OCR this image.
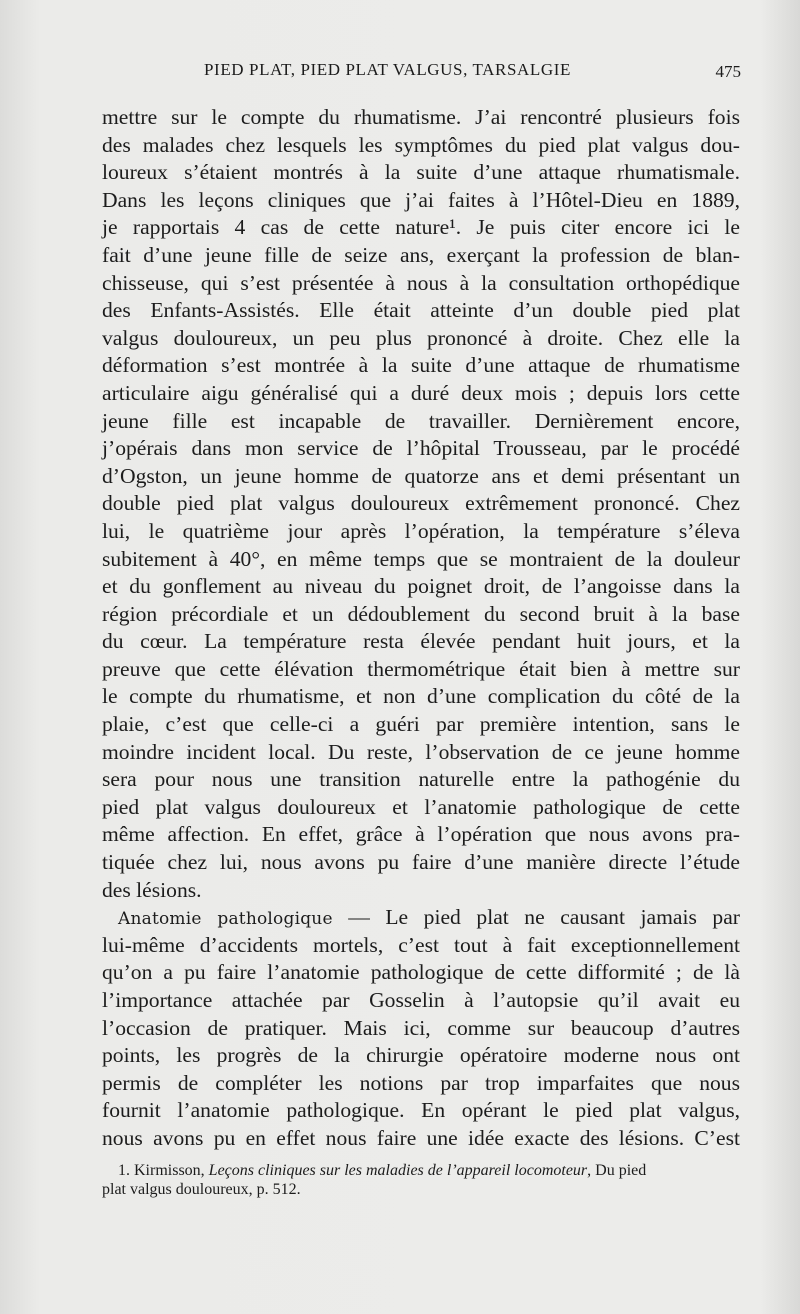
PIED PLAT, PIED PLAT VALGUS, TARSALGIE	475
mettre sur le compte du rhumatisme. J’ai rencontré plusieurs fois
des malades chez lesquels les symptômes du pied plat valgus dou-
loureux s’étaient montrés à la suite d’une attaque rhumatismale.
Dans les leçons cliniques que j’ai faites à l’Hôtel-Dieu en 1889,
je rapportais 4 cas de cette nature¹. Je puis citer encore ici le
fait d’une jeune fille de seize ans, exerçant la profession de blan-
chisseuse, qui s’est présentée à nous à la consultation orthopédique
des Enfants-Assistés. Elle était atteinte d’un double pied plat
valgus douloureux, un peu plus prononcé à droite. Chez elle la
déformation s’est montrée à la suite d’une attaque de rhumatisme
articulaire aigu généralisé qui a duré deux mois ; depuis lors cette
jeune fille est incapable de travailler. Dernièrement encore,
j’opérais dans mon service de l’hôpital Trousseau, par le procédé
d’Ogston, un jeune homme de quatorze ans et demi présentant un
double pied plat valgus douloureux extrêmement prononcé. Chez
lui, le quatrième jour après l’opération, la température s’éleva
subitement à 40°, en même temps que se montraient de la douleur
et du gonflement au niveau du poignet droit, de l’angoisse dans la
région précordiale et un dédoublement du second bruit à la base
du cœur. La température resta élevée pendant huit jours, et la
preuve que cette élévation thermométrique était bien à mettre sur
le compte du rhumatisme, et non d’une complication du côté de la
plaie, c’est que celle-ci a guéri par première intention, sans le
moindre incident local. Du reste, l’observation de ce jeune homme
sera pour nous une transition naturelle entre la pathogénie du
pied plat valgus douloureux et l’anatomie pathologique de cette
même affection. En effet, grâce à l’opération que nous avons pra-
tiquée chez lui, nous avons pu faire d’une manière directe l’étude
des lésions.
Anatomie pathologique — Le pied plat ne causant jamais par
lui-même d’accidents mortels, c’est tout à fait exceptionnellement
qu’on a pu faire l’anatomie pathologique de cette difformité ; de là
l’importance attachée par Gosselin à l’autopsie qu’il avait eu
l’occasion de pratiquer. Mais ici, comme sur beaucoup d’autres
points, les progrès de la chirurgie opératoire moderne nous ont
permis de compléter les notions par trop imparfaites que nous
fournit l’anatomie pathologique. En opérant le pied plat valgus,
nous avons pu en effet nous faire une idée exacte des lésions. C’est
1. Kirmisson, Leçons cliniques sur les maladies de l’appareil locomoteur, Du pied
plat valgus douloureux, p. 512.
